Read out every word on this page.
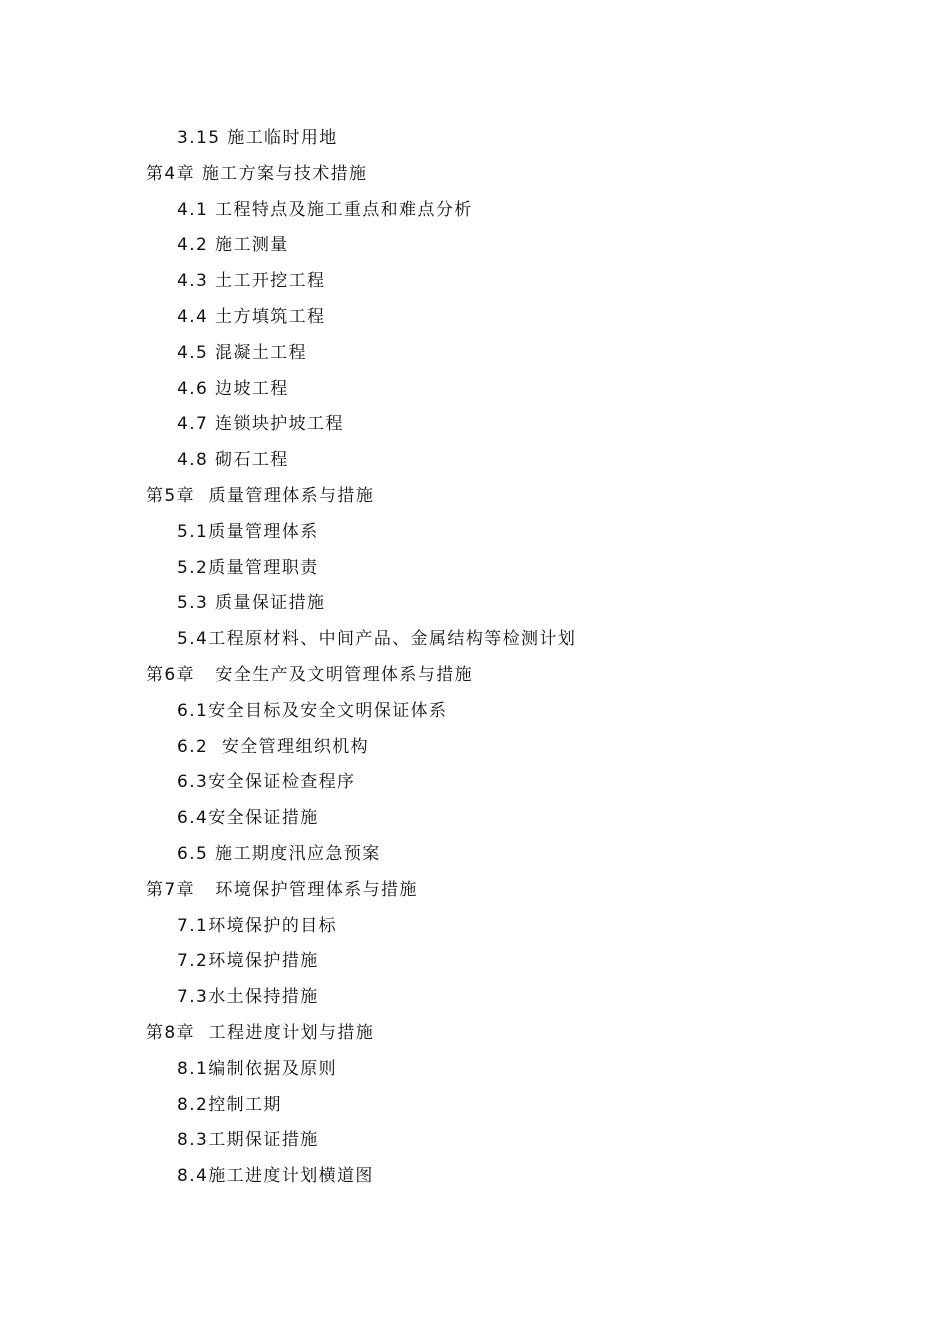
3.15 施工临时用地
第4章 施工方案与技术措施
4.1 工程特点及施工重点和难点分析
4.2 施工测量
4.3 土工开挖工程
4.4 土方填筑工程
4.5 混凝土工程
4.6 边坡工程
4.7 连锁块护坡工程
4.8 砌石工程
第5章  质量管理体系与措施
5.1质量管理体系
5.2质量管理职责
5.3 质量保证措施
5.4工程原材料、中间产品、金属结构等检测计划
第6章   安全生产及文明管理体系与措施
6.1安全目标及安全文明保证体系
6.2  安全管理组织机构
6.3安全保证检查程序
6.4安全保证措施
6.5 施工期度汛应急预案
第7章   环境保护管理体系与措施
7.1环境保护的目标
7.2环境保护措施
7.3水土保持措施
第8章  工程进度计划与措施
8.1编制依据及原则
8.2控制工期
8.3工期保证措施
8.4施工进度计划横道图
